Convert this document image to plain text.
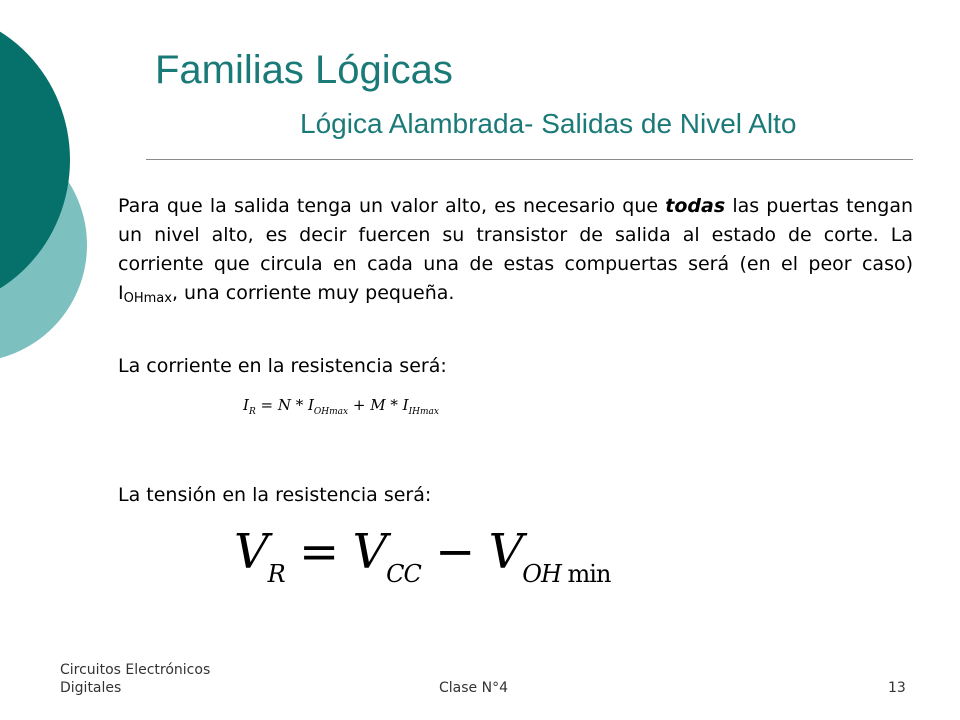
Familias Lógicas
Lógica Alambrada- Salidas de Nivel Alto
Para que la salida tenga un valor alto, es necesario que todas las puertas tengan un nivel alto, es decir fuercen su transistor de salida al estado de corte. La corriente que circula en cada una de estas compuertas será (en el peor caso) $I_{OHmax}$, una corriente muy pequeña.
La corriente en la resistencia será:
$I_R = N * I_{OHmax} + M * I_{IHmax}$
La tensión en la resistencia será:
$V_R = V_{CC} - V_{OH min}$
Circuitos Electrónicos
Digitales	Clase N°4	13
